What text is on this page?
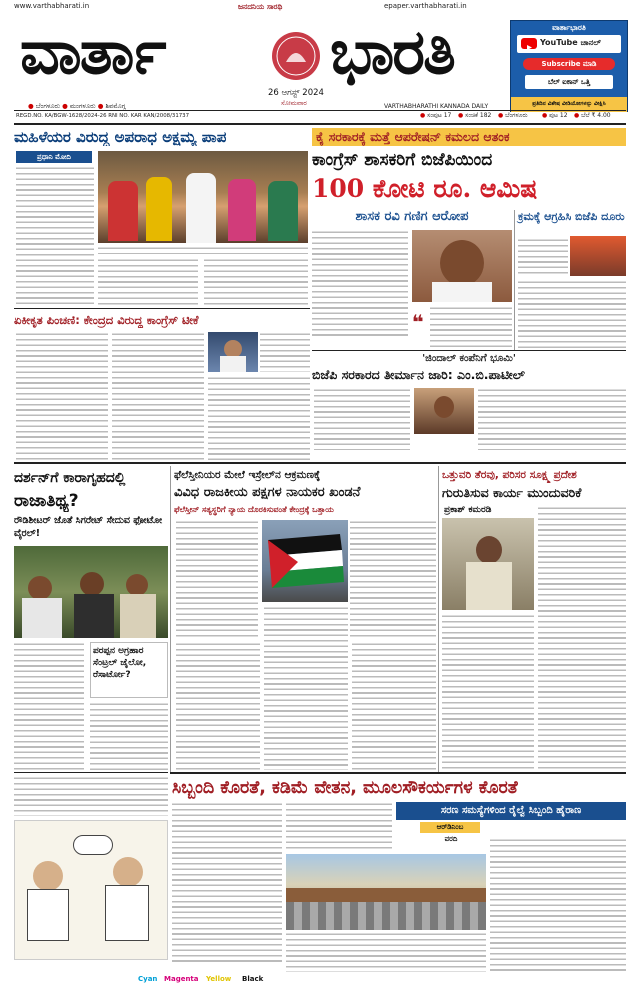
www.varthabharati.in	ಜನದನಿಯ ಸಾರಥಿ	epaper.varthabharati.in
ವಾರ್ತಾ	ಭಾರತಿ
26 ಆಗಸ್ಟ್ 2024
ಸೋಮವಾರ	VARTHABHARATHI KANNADA DAILY
● ಬೆಂಗಳೂರು ● ಮಂಗಳೂರು ● ಶಿವಮೊಗ್ಗ
ವಾರ್ತಾಭಾರತಿ
YouTube ಚಾನಲ್
Subscribe ಮಾಡಿ
ಬೆಲ್ ಐಕಾನ್ ಒತ್ತಿ
ಪ್ರತಿದಿನ ವಿಶೇಷ ವೀಡಿಯೋಗಳನ್ನು ವೀಕ್ಷಿಸಿ
REGD.NO. KA/BGW-1628/2024-26 RNI NO. KAR KAN/2008/31737	● ಸಂಪುಟ 17 ● ಸಂಚಿಕೆ 182 ● ಬೆಂಗಳೂರು ● ಪುಟ 12 ● ಬೆಲೆ ₹ 4.00
ಮಹಿಳೆಯರ ವಿರುದ್ಧ ಅಪರಾಧ ಅಕ್ಷಮ್ಯ ಪಾಪ
ಪ್ರಧಾನಿ ಮೋದಿ
ಕೈ ಸರಕಾರಕ್ಕೆ ಮತ್ತೆ ಆಪರೇಷನ್ ಕಮಲದ ಆತಂಕ
ಕಾಂಗ್ರೆಸ್ ಶಾಸಕರಿಗೆ ಬಿಜೆಪಿಯಿಂದ
100 ಕೋಟಿ ರೂ. ಆಮಿಷ
ಶಾಸಕ ರವಿ ಗಣಿಗ ಆರೋಪ
❝
ಕ್ರಮಕ್ಕೆ ಆಗ್ರಹಿಸಿ ಬಿಜೆಪಿ ದೂರು
ಏಕೀಕೃತ ಪಿಂಚಣಿ: ಕೇಂದ್ರದ ವಿರುದ್ಧ ಕಾಂಗ್ರೆಸ್ ಟೀಕೆ
'ಜಿಂದಾಲ್ ಕಂಪೆನಿಗೆ ಭೂಮಿ'
ಬಿಜೆಪಿ ಸರಕಾರದ ತೀರ್ಮಾನ ಜಾರಿ: ಎಂ.ಬಿ.ಪಾಟೀಲ್
ದರ್ಶನ್‌ಗೆ ಕಾರಾಗೃಹದಲ್ಲಿ
ರಾಜಾತಿಥ್ಯ?
ರೌಡಿಶೀಟರ್ ಜೊತೆ ಸಿಗರೇಟ್ ಸೇದುವ ಫೋಟೋ ವೈರಲ್!
ಪರಪ್ಪನ ಅಗ್ರಹಾರ ಸೆಂಟ್ರಲ್ ಜೈಲೋ, ರೆಸಾರ್ಟೋ?
ಫೆಲೆಸ್ತೀನಿಯರ ಮೇಲೆ ಇಸ್ರೇಲ್‌ನ ಆಕ್ರಮಣಕ್ಕೆ
ವಿವಿಧ ರಾಜಕೀಯ ಪಕ್ಷಗಳ ನಾಯಕರ ಖಂಡನೆ
ಫೆಲೆಸ್ತೀನ್ ಸತ್ಯಸ್ಥರಿಗೆ ನ್ಯಾಯ ದೊರಕಿಸುವಂತೆ ಕೇಂದ್ರಕ್ಕೆ ಒತ್ತಾಯ
ಒತ್ತುವರಿ ತೆರವು, ಪರಿಸರ ಸೂಕ್ಷ್ಮ ಪ್ರದೇಶ
ಗುರುತಿಸುವ ಕಾರ್ಯ ಮುಂದುವರಿಕೆ
ಪ್ರಕಾಶ್ ಕಮರಡಿ
ಸಿಬ್ಬಂದಿ ಕೊರತೆ, ಕಡಿಮೆ ವೇತನ, ಮೂಲಸೌಕರ್ಯಗಳ ಕೊರತೆ
ಸರಣ ಸಮಸ್ಯೆಗಳಿಂದ ರೈಲ್ವೆ ಸಿಬ್ಬಂದಿ ಹೈರಾಣ
ಆರ್‌ಡಿನಿಂಬ
ವರದಿ
Cyan Magenta Yellow Black
